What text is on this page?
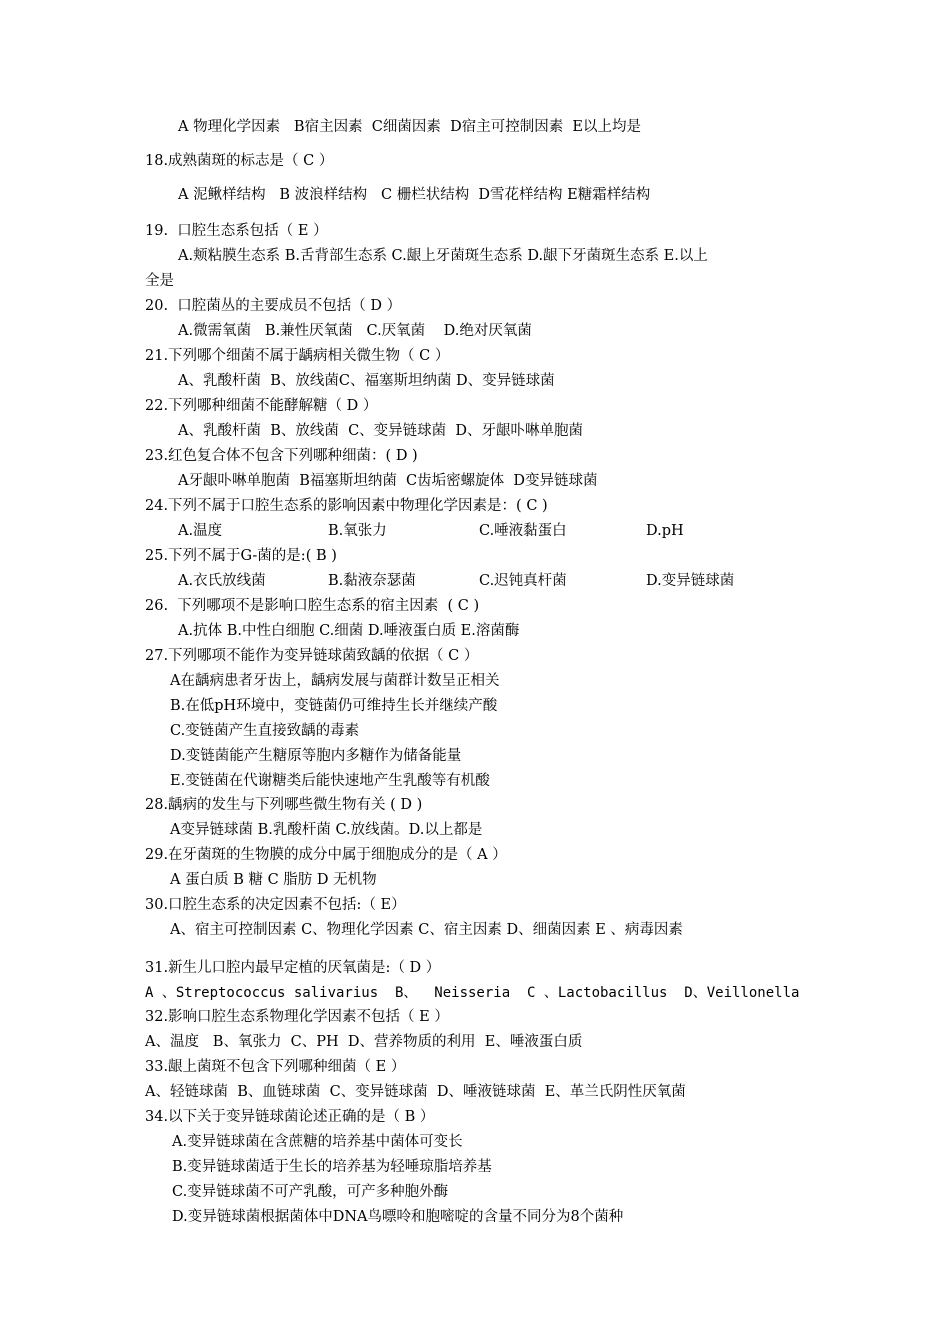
A 物理化学因素   B宿主因素  C细菌因素  D宿主可控制因素  E以上均是
18.成熟菌斑的标志是（ C ）
A 泥鳅样结构   B 波浪样结构   C 栅栏状结构  D雪花样结构 E糖霜样结构
19.  口腔生态系包括（ E ）
A.颊粘膜生态系 B.舌背部生态系 C.龈上牙菌斑生态系 D.龈下牙菌斑生态系 E.以上
全是
20.  口腔菌丛的主要成员不包括（ D ）
A.微需氧菌   B.兼性厌氧菌   C.厌氧菌    D.绝对厌氧菌
21.下列哪个细菌不属于龋病相关微生物（ C ）
A、乳酸杆菌  B、放线菌C、福塞斯坦纳菌 D、变异链球菌
22.下列哪种细菌不能酵解糖（ D ）
A、乳酸杆菌  B、放线菌  C、变异链球菌  D、牙龈卟啉单胞菌
23.红色复合体不包含下列哪种细菌：( D )
A牙龈卟啉单胞菌  B福塞斯坦纳菌  C齿垢密螺旋体  D变异链球菌
24.下列不属于口腔生态系的影响因素中物理化学因素是：( C )
A.温度	B.氧张力	C.唾液黏蛋白	D.pH
25.下列不属于G-菌的是:( B )
A.衣氏放线菌	B.黏液奈瑟菌	C.迟钝真杆菌	D.变异链球菌
26.  下列哪项不是影响口腔生态系的宿主因素  ( C )
A.抗体 B.中性白细胞 C.细菌 D.唾液蛋白质 E.溶菌酶
27.下列哪项不能作为变异链球菌致龋的依据（ C ）
A在龋病患者牙齿上，龋病发展与菌群计数呈正相关
B.在低pH环境中，变链菌仍可维持生长并继续产酸
C.变链菌产生直接致龋的毒素
D.变链菌能产生糖原等胞内多糖作为储备能量
E.变链菌在代谢糖类后能快速地产生乳酸等有机酸
28.龋病的发生与下列哪些微生物有关 ( D )
A变异链球菌 B.乳酸杆菌 C.放线菌。D.以上都是
29.在牙菌斑的生物膜的成分中属于细胞成分的是（ A ）
A 蛋白质 B 糖 C 脂肪 D 无机物
30.口腔生态系的决定因素不包括:（ E）
A、宿主可控制因素 C、物理化学因素 C、宿主因素 D、细菌因素 E 、病毒因素
31.新生儿口腔内最早定植的厌氧菌是:（ D ）
A 、Streptococcus salivarius  B、  Neisseria  C 、Lactobacillus  D、Veillonella
32.影响口腔生态系物理化学因素不包括（ E ）
A、温度   B、氧张力  C、PH  D、营养物质的利用  E、唾液蛋白质
33.龈上菌斑不包含下列哪种细菌（ E ）
A、轻链球菌  B、血链球菌  C、变异链球菌  D、唾液链球菌  E、革兰氏阴性厌氧菌
34.以下关于变异链球菌论述正确的是（ B ）
A.变异链球菌在含蔗糖的培养基中菌体可变长
B.变异链球菌适于生长的培养基为轻唾琼脂培养基
C.变异链球菌不可产乳酸，可产多种胞外酶
D.变异链球菌根据菌体中DNA鸟嘌呤和胞嘧啶的含量不同分为8个菌种
